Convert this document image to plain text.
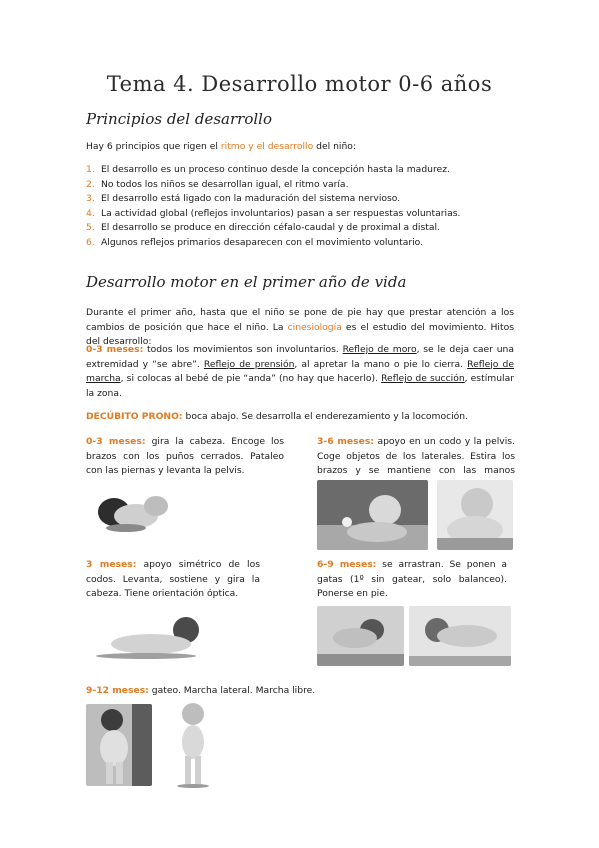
Tema 4. Desarrollo motor 0-6 años
Principios del desarrollo
Hay 6 principios que rigen el ritmo y el desarrollo del niño:
1. El desarrollo es un proceso continuo desde la concepción hasta la madurez.
2. No todos los niños se desarrollan igual, el ritmo varía.
3. El desarrollo está ligado con la maduración del sistema nervioso.
4. La actividad global (reflejos involuntarios) pasan a ser respuestas voluntarias.
5. El desarrollo se produce en dirección céfalo-caudal y de proximal a distal.
6. Algunos reflejos primarios desaparecen con el movimiento voluntario.
Desarrollo motor en el primer año de vida
Durante el primer año, hasta que el niño se pone de pie hay que prestar atención a los cambios de posición que hace el niño. La cinesiología es el estudio del movimiento. Hitos del desarrollo:
0-3 meses: todos los movimientos son involuntarios. Reflejo de moro, se le deja caer una extremidad y “se abre”. Reflejo de prensión, al apretar la mano o pie lo cierra. Reflejo de marcha, si colocas al bebé de pie “anda” (no hay que hacerlo). Reflejo de succión, estímular la zona.
DECÚBITO PRONO: boca abajo. Se desarrolla el enderezamiento y la locomoción.
0-3 meses: gira la cabeza. Encoge los brazos con los puños cerrados. Pataleo con las piernas y levanta la pelvis.
3-6 meses: apoyo en un codo y la pelvis. Coge objetos de los laterales. Estira los brazos y se mantiene con las manos
3 meses: apoyo simétrico de los codos. Levanta, sostiene y gira la cabeza. Tiene orientación óptica.
6-9 meses: se arrastran. Se ponen a gatas (1º sin gatear, solo balanceo). Ponerse en pie.
9-12 meses: gateo. Marcha lateral. Marcha libre.
